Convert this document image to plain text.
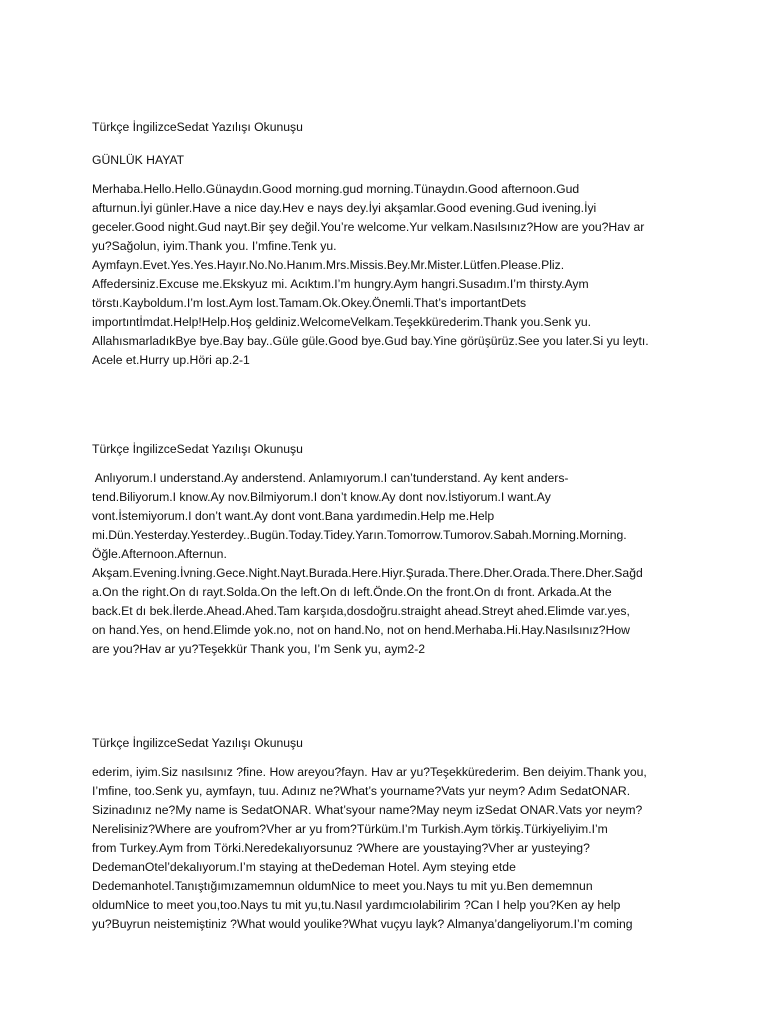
Türkçe İngilizceSedat Yazılışı Okunuşu

GÜNLÜK HAYAT

Merhaba.Hello.Hello.Günaydın.Good morning.gud morning.Tünaydın.Good afternoon.Gud
afturnun.İyi günler.Have a nice day.Hev e nays dey.İyi akşamlar.Good evening.Gud ivening.İyi
geceler.Good night.Gud nayt.Bir şey değil.You’re welcome.Yur velkam.Nasılsınız?How are you?Hav ar
yu?Sağolun, iyim.Thank you. I’mfine.Tenk yu.
Aymfayn.Evet.Yes.Yes.Hayır.No.No.Hanım.Mrs.Missis.Bey.Mr.Mister.Lütfen.Please.Pliz.
Affedersiniz.Excuse me.Ekskyuz mi. Acıktım.I’m hungry.Aym hangri.Susadım.I’m thirsty.Aym
törstı.Kayboldum.I’m lost.Aym lost.Tamam.Ok.Okey.Önemli.That’s importantDets
importıntİmdat.Help!Help.Hoş geldiniz.WelcomeVelkam.Teşekkürederim.Thank you.Senk yu.
AllahısmarladıkBye bye.Bay bay..Güle güle.Good bye.Gud bay.Yine görüşürüz.See you later.Si yu leytı.
Acele et.Hurry up.Höri ap.2-1

Türkçe İngilizceSedat Yazılışı Okunuşu

Anlıyorum.I understand.Ay anderstend. Anlamıyorum.I can’tunderstand. Ay kent anders-
tend.Biliyorum.I know.Ay nov.Bilmiyorum.I don’t know.Ay dont nov.İstiyorum.I want.Ay
vont.İstemiyorum.I don’t want.Ay dont vont.Bana yardımedin.Help me.Help
mi.Dün.Yesterday.Yesterdey..Bugün.Today.Tidey.Yarın.Tomorrow.Tumorov.Sabah.Morning.Morning.
Öğle.Afternoon.Afternun.
Akşam.Evening.İvning.Gece.Night.Nayt.Burada.Here.Hiyr.Şurada.There.Dher.Orada.There.Dher.Sağd
a.On the right.On dı rayt.Solda.On the left.On dı left.Önde.On the front.On dı front. Arkada.At the
back.Et dı bek.İlerde.Ahead.Ahed.Tam karşıda,dosdoğru.straight ahead.Streyt ahed.Elimde var.yes,
on hand.Yes, on hend.Elimde yok.no, not on hand.No, not on hend.Merhaba.Hi.Hay.Nasılsınız?How
are you?Hav ar yu?Teşekkür Thank you, I’m Senk yu, aym2-2

Türkçe İngilizceSedat Yazılışı Okunuşu

ederim, iyim.Siz nasılsınız ?fine. How areyou?fayn. Hav ar yu?Teşekkürederim. Ben deiyim.Thank you,
I’mfine, too.Senk yu, aymfayn, tuu. Adınız ne?What’s yourname?Vats yur neym? Adım SedatONAR.
Sizinadınız ne?My name is SedatONAR. What’syour name?May neym izSedat ONAR.Vats yor neym?
Nerelisiniz?Where are youfrom?Vher ar yu from?Türküm.I’m Turkish.Aym törkiş.Türkiyeliyim.I’m
from Turkey.Aym from Törki.Neredekalıyorsunuz ?Where are youstaying?Vher ar yusteying?
DedemanOtel’dekalıyorum.I’m staying at theDedeman Hotel. Aym steying etde
Dedemanhotel.Tanıştığımızamemnun oldumNice to meet you.Nays tu mit yu.Ben dememnun
oldumNice to meet you,too.Nays tu mit yu,tu.Nasıl yardımcıolabilirim ?Can I help you?Ken ay help
yu?Buyrun neistemiştiniz ?What would youlike?What vuçyu layk? Almanya’dangeliyorum.I’m coming
